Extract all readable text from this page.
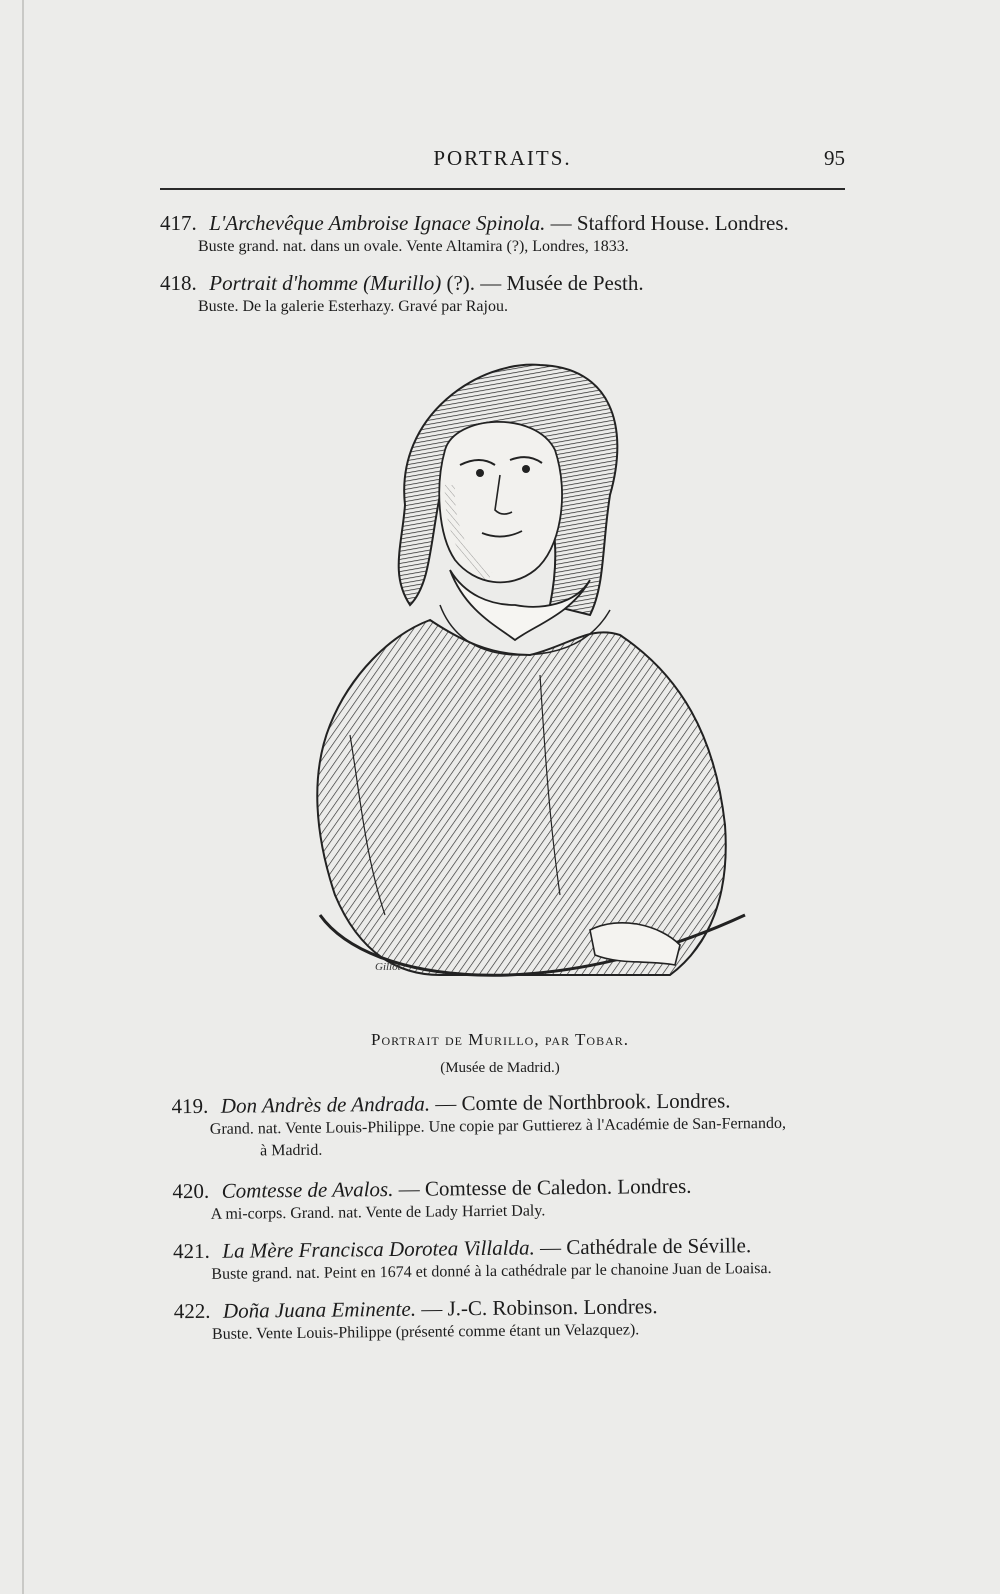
PORTRAITS.	95
417. L'Archevêque Ambroise Ignace Spinola. — Stafford House. Londres.
Buste grand. nat. dans un ovale. Vente Altamira (?), Londres, 1833.
418. Portrait d'homme (Murillo) (?). — Musée de Pesth.
Buste. De la galerie Esterhazy. Gravé par Rajou.
Gillot
Portrait de Murillo, par Tobar.
(Musée de Madrid.)
419. Don Andrès de Andrada. — Comte de Northbrook. Londres.
Grand. nat. Vente Louis-Philippe. Une copie par Guttierez à l'Académie de San-Fernando,
à Madrid.
420. Comtesse de Avalos. — Comtesse de Caledon. Londres.
A mi-corps. Grand. nat. Vente de Lady Harriet Daly.
421. La Mère Francisca Dorotea Villalda. — Cathédrale de Séville.
Buste grand. nat. Peint en 1674 et donné à la cathédrale par le chanoine Juan de Loaisa.
422. Doña Juana Eminente. — J.-C. Robinson. Londres.
Buste. Vente Louis-Philippe (présenté comme étant un Velazquez).
